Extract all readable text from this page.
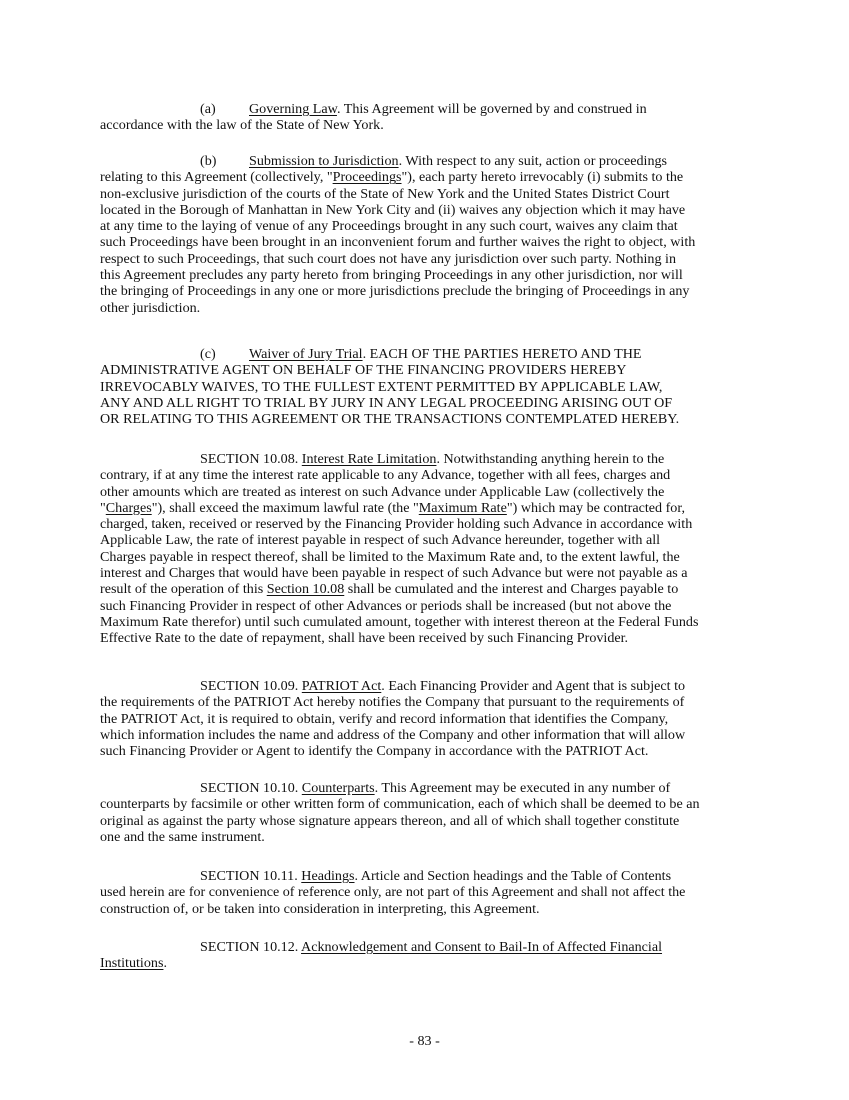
(a) Governing Law. This Agreement will be governed by and construed in
accordance with the law of the State of New York.
(b) Submission to Jurisdiction. With respect to any suit, action or proceedings
relating to this Agreement (collectively, "Proceedings"), each party hereto irrevocably (i) submits to the
non-exclusive jurisdiction of the courts of the State of New York and the United States District Court
located in the Borough of Manhattan in New York City and (ii) waives any objection which it may have
at any time to the laying of venue of any Proceedings brought in any such court, waives any claim that
such Proceedings have been brought in an inconvenient forum and further waives the right to object, with
respect to such Proceedings, that such court does not have any jurisdiction over such party. Nothing in
this Agreement precludes any party hereto from bringing Proceedings in any other jurisdiction, nor will
the bringing of Proceedings in any one or more jurisdictions preclude the bringing of Proceedings in any
other jurisdiction.
(c) Waiver of Jury Trial. EACH OF THE PARTIES HERETO AND THE
ADMINISTRATIVE AGENT ON BEHALF OF THE FINANCING PROVIDERS HEREBY
IRREVOCABLY WAIVES, TO THE FULLEST EXTENT PERMITTED BY APPLICABLE LAW,
ANY AND ALL RIGHT TO TRIAL BY JURY IN ANY LEGAL PROCEEDING ARISING OUT OF
OR RELATING TO THIS AGREEMENT OR THE TRANSACTIONS CONTEMPLATED HEREBY.
SECTION 10.08. Interest Rate Limitation. Notwithstanding anything herein to the
contrary, if at any time the interest rate applicable to any Advance, together with all fees, charges and
other amounts which are treated as interest on such Advance under Applicable Law (collectively the
"Charges"), shall exceed the maximum lawful rate (the "Maximum Rate") which may be contracted for,
charged, taken, received or reserved by the Financing Provider holding such Advance in accordance with
Applicable Law, the rate of interest payable in respect of such Advance hereunder, together with all
Charges payable in respect thereof, shall be limited to the Maximum Rate and, to the extent lawful, the
interest and Charges that would have been payable in respect of such Advance but were not payable as a
result of the operation of this Section 10.08 shall be cumulated and the interest and Charges payable to
such Financing Provider in respect of other Advances or periods shall be increased (but not above the
Maximum Rate therefor) until such cumulated amount, together with interest thereon at the Federal Funds
Effective Rate to the date of repayment, shall have been received by such Financing Provider.
SECTION 10.09. PATRIOT Act. Each Financing Provider and Agent that is subject to
the requirements of the PATRIOT Act hereby notifies the Company that pursuant to the requirements of
the PATRIOT Act, it is required to obtain, verify and record information that identifies the Company,
which information includes the name and address of the Company and other information that will allow
such Financing Provider or Agent to identify the Company in accordance with the PATRIOT Act.
SECTION 10.10. Counterparts. This Agreement may be executed in any number of
counterparts by facsimile or other written form of communication, each of which shall be deemed to be an
original as against the party whose signature appears thereon, and all of which shall together constitute
one and the same instrument.
SECTION 10.11. Headings. Article and Section headings and the Table of Contents
used herein are for convenience of reference only, are not part of this Agreement and shall not affect the
construction of, or be taken into consideration in interpreting, this Agreement.
SECTION 10.12. Acknowledgement and Consent to Bail-In of Affected Financial
Institutions.
- 83 -
